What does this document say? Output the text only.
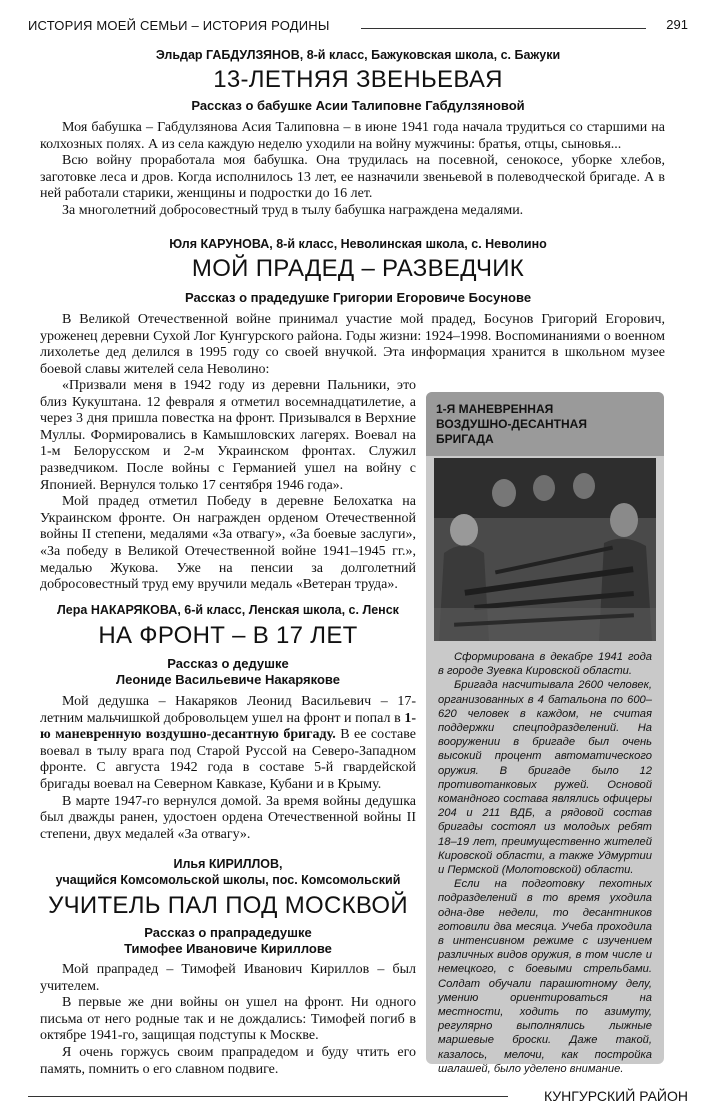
ИСТОРИЯ МОЕЙ СЕМЬИ – ИСТОРИЯ РОДИНЫ	291
Эльдар ГАБДУЛЗЯНОВ, 8-й класс, Бажуковская школа, с. Бажуки
13-ЛЕТНЯЯ ЗВЕНЬЕВАЯ
Рассказ о бабушке Асии Талиповне Габдулзяновой

Моя бабушка – Габдулзянова Асия Талиповна – в июне 1941 года начала трудиться со старшими на колхозных полях. А из села каждую неделю уходили на войну мужчины: братья, отцы, сыновья...

Всю войну проработала моя бабушка. Она трудилась на посевной, сенокосе, уборке хлебов, заготовке леса и дров. Когда исполнилось 13 лет, ее назначили звеньевой в полеводческой бригаде. А в ней работали старики, женщины и подростки до 16 лет.

За многолетний добросовестный труд в тылу бабушка награждена медалями.

Юля КАРУНОВА, 8-й класс, Неволинская школа, с. Неволино
МОЙ ПРАДЕД – РАЗВЕДЧИК
Рассказ о прадедушке Григории Егоровиче Босунове

В Великой Отечественной войне принимал участие мой прадед, Босунов Григорий Егорович, уроженец деревни Сухой Лог Кунгурского района. Годы жизни: 1924–1998. Воспоминаниями о военном лихолетье дед делился в 1995 году со своей внучкой. Эта информация хранится в школьном музее боевой славы жителей села Неволино:

«Призвали меня в 1942 году из деревни Пальники, это близ Кукуштана. 12 февраля я отметил восемнадцатилетие, а через 3 дня пришла повестка на фронт. Призывался в Верхние Муллы. Формировались в Камышловских лагерях. Воевал на 1-м Белорусском и 2-м Украинском фронтах. Служил разведчиком. После войны с Германией ушел на войну с Японией. Вернулся только 17 сентября 1946 года».

Мой прадед отметил Победу в деревне Белохатка на Украинском фронте. Он награжден орденом Отечественной войны II степени, медалями «За отвагу», «За боевые заслуги», «За победу в Великой Отечественной войне 1941–1945 гг.», медалью Жукова. Уже на пенсии за долголетний добросовестный труд ему вручили медаль «Ветеран труда».

Лера НАКАРЯКОВА, 6-й класс, Ленская школа, с. Ленск
НА ФРОНТ – В 17 ЛЕТ
Рассказ о дедушке
Леониде Васильевиче Накарякове

Мой дедушка – Накаряков Леонид Васильевич – 17-летним мальчишкой добровольцем ушел на фронт и попал в 1-ю маневренную воздушно-десантную бригаду. В ее составе воевал в тылу врага под Старой Руссой на Северо-Западном фронте. С августа 1942 года в составе 5-й гвардейской бригады воевал на Северном Кавказе, Кубани и в Крыму.

В марте 1947-го вернулся домой. За время войны дедушка был дважды ранен, удостоен ордена Отечественной войны II степени, двух медалей «За отвагу».

Илья КИРИЛЛОВ,
учащийся Комсомольской школы, пос. Комсомольский
УЧИТЕЛЬ ПАЛ ПОД МОСКВОЙ
Рассказ о прапрадедушке
Тимофее Ивановиче Кириллове

Мой прапрадед – Тимофей Иванович Кириллов – был учителем.

В первые же дни войны он ушел на фронт. Ни одного письма от него родные так и не дождались: Тимофей погиб в октябре 1941-го, защищая подступы к Москве.

Я очень горжусь своим прапрадедом и буду чтить его память, помнить о его славном подвиге.

1-Я МАНЕВРЕННАЯ ВОЗДУШНО-ДЕСАНТНАЯ БРИГАДА

Сформирована в декабре 1941 года в городе Зуевка Кировской области.

Бригада насчитывала 2600 человек, организованных в 4 батальона по 600–620 человек в каждом, не считая поддержки спецподразделений. На вооружении в бригаде был очень высокий процент автоматического оружия. В бригаде было 12 противотанковых ружей. Основой командного состава являлись офицеры 204 и 211 ВДБ, а рядовой состав бригады состоял из молодых ребят 18–19 лет, преимущественно жителей Кировской области, а также Удмуртии и Пермской (Молотовской) области.

Если на подготовку пехотных подразделений в то время уходила одна-две недели, то десантников готовили два месяца. Учеба проходила в интенсивном режиме с изучением различных видов оружия, в том числе и немецкого, с боевыми стрельбами. Солдат обучали парашютному делу, умению ориентироваться на местности, ходить по азимуту, регулярно выполнялись лыжные маршевые броски. Даже такой, казалось, мелочи, как постройка шалашей, было уделено внимание.

КУНГУРСКИЙ РАЙОН
